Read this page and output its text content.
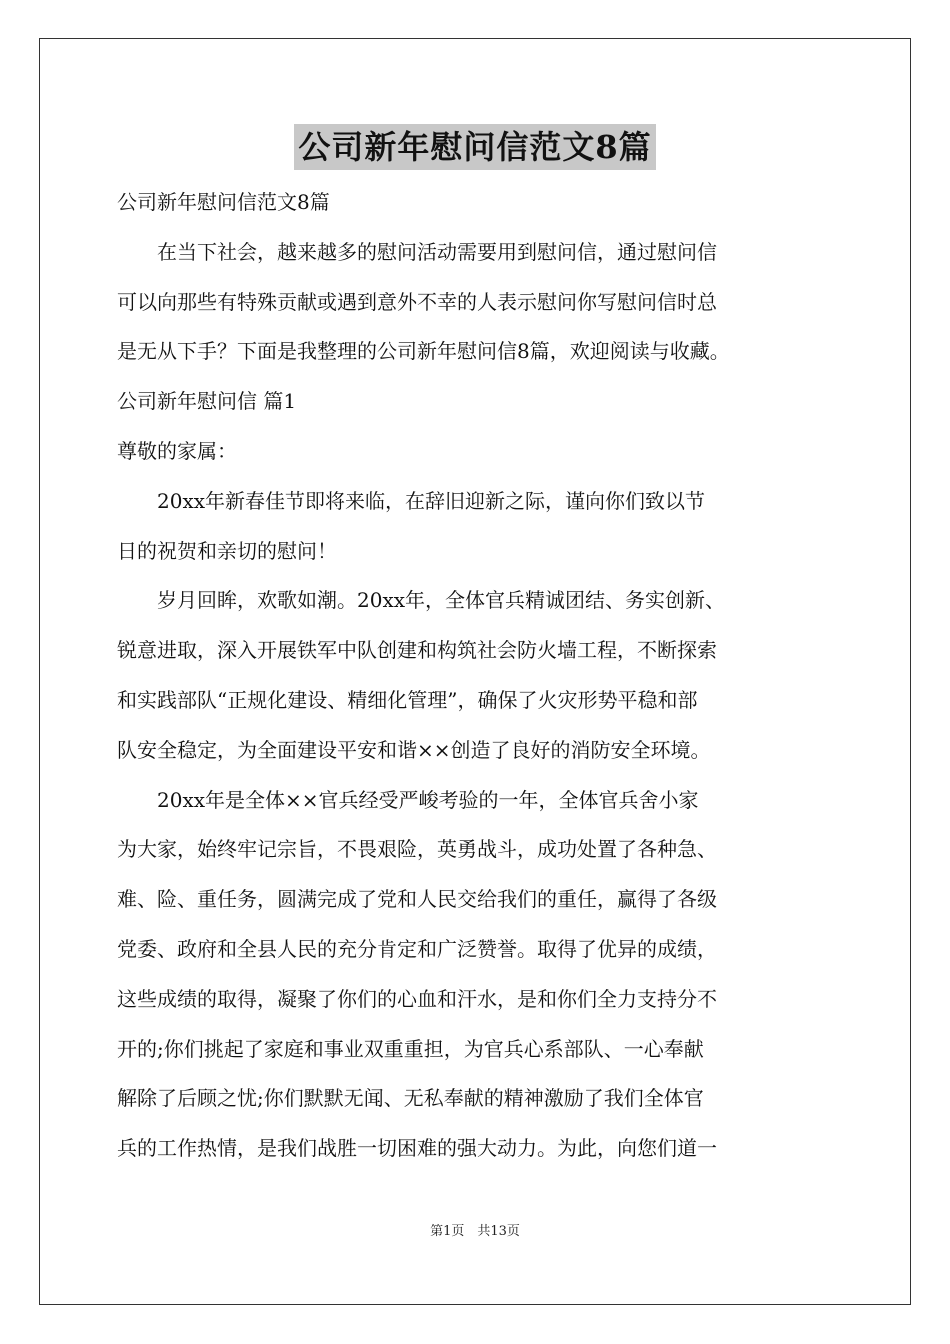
公司新年慰问信范文8篇
公司新年慰问信范文8篇
　　在当下社会，越来越多的慰问活动需要用到慰问信，通过慰问信
可以向那些有特殊贡献或遇到意外不幸的人表示慰问你写慰问信时总
是无从下手？下面是我整理的公司新年慰问信8篇，欢迎阅读与收藏。
公司新年慰问信 篇1
尊敬的家属：
　　20xx年新春佳节即将来临，在辞旧迎新之际，谨向你们致以节
日的祝贺和亲切的慰问！
　　岁月回眸，欢歌如潮。20xx年，全体官兵精诚团结、务实创新、
锐意进取，深入开展铁军中队创建和构筑社会防火墙工程，不断探索
和实践部队“正规化建设、精细化管理”，确保了火灾形势平稳和部
队安全稳定，为全面建设平安和谐××创造了良好的消防安全环境。
　　20xx年是全体××官兵经受严峻考验的一年，全体官兵舍小家
为大家，始终牢记宗旨，不畏艰险，英勇战斗，成功处置了各种急、
难、险、重任务，圆满完成了党和人民交给我们的重任，赢得了各级
党委、政府和全县人民的充分肯定和广泛赞誉。取得了优异的成绩，
这些成绩的取得，凝聚了你们的心血和汗水，是和你们全力支持分不
开的;你们挑起了家庭和事业双重重担，为官兵心系部队、一心奉献
解除了后顾之忧;你们默默无闻、无私奉献的精神激励了我们全体官
兵的工作热情，是我们战胜一切困难的强大动力。为此，向您们道一
第1页　共13页
